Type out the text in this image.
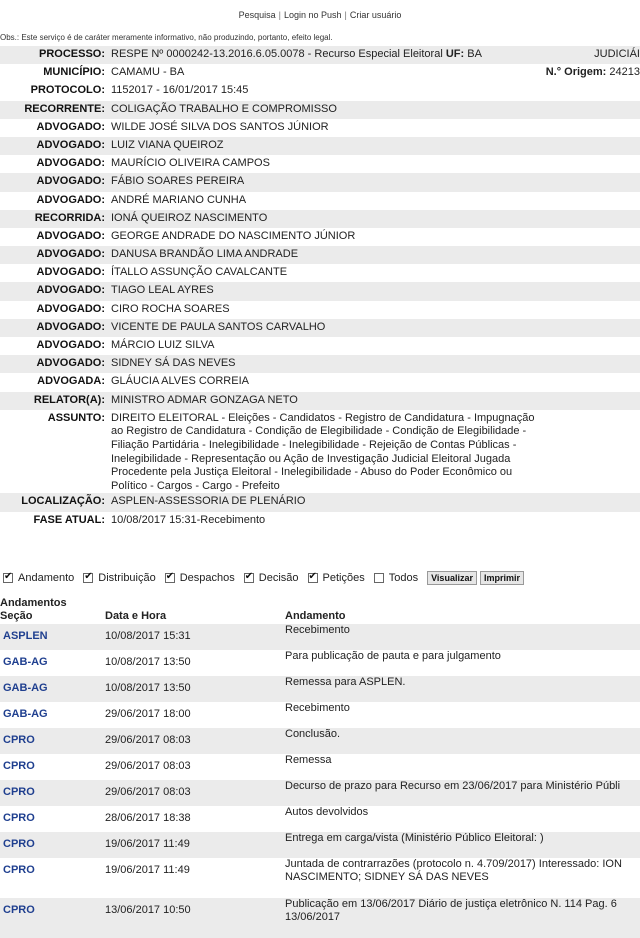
Pesquisa | Login no Push | Criar usuário
Obs.: Este serviço é de caráter meramente informativo, não produzindo, portanto, efeito legal.
PROCESSO: RESPE Nº 0000242-13.2016.6.05.0078 - Recurso Especial Eleitoral UF: BA	JUDICIÁI
MUNICÍPIO: CAMAMU - BA	N.° Origem: 24213
PROTOCOLO: 1152017 - 16/01/2017 15:45
RECORRENTE: COLIGAÇÃO TRABALHO E COMPROMISSO
ADVOGADO: WILDE JOSÉ SILVA DOS SANTOS JÚNIOR
ADVOGADO: LUIZ VIANA QUEIROZ
ADVOGADO: MAURÍCIO OLIVEIRA CAMPOS
ADVOGADO: FÁBIO SOARES PEREIRA
ADVOGADO: ANDRÉ MARIANO CUNHA
RECORRIDA: IONÁ QUEIROZ NASCIMENTO
ADVOGADO: GEORGE ANDRADE DO NASCIMENTO JÚNIOR
ADVOGADO: DANUSA BRANDÃO LIMA ANDRADE
ADVOGADO: ÍTALLO ASSUNÇÃO CAVALCANTE
ADVOGADO: TIAGO LEAL AYRES
ADVOGADO: CIRO ROCHA SOARES
ADVOGADO: VICENTE DE PAULA SANTOS CARVALHO
ADVOGADO: MÁRCIO LUIZ SILVA
ADVOGADO: SIDNEY SÁ DAS NEVES
ADVOGADA: GLÁUCIA ALVES CORREIA
RELATOR(A): MINISTRO ADMAR GONZAGA NETO
ASSUNTO: DIREITO ELEITORAL - Eleições - Candidatos - Registro de Candidatura - Impugnação ao Registro de Candidatura - Condição de Elegibilidade - Condição de Elegibilidade - Filiação Partidária - Inelegibilidade - Inelegibilidade - Rejeição de Contas Públicas - Inelegibilidade - Representação ou Ação de Investigação Judicial Eleitoral Jugada Procedente pela Justiça Eleitoral - Inelegibilidade - Abuso do Poder Econômico ou Político - Cargos - Cargo - Prefeito
LOCALIZAÇÃO: ASPLEN-ASSESSORIA DE PLENÁRIO
FASE ATUAL: 10/08/2017 15:31-Recebimento
✔
Andamento ✔ Distribuição ✔ Despachos ✔ Decisão ✔ Petições Todos	Visualizar	Imprimir
Andamentos
Seção	Data e Hora	Andamento
ASPLEN	10/08/2017 15:31	Recebimento
GAB-AG	10/08/2017 13:50	Para publicação de pauta e para julgamento
GAB-AG	10/08/2017 13:50	Remessa para ASPLEN.
GAB-AG	29/06/2017 18:00	Recebimento
CPRO	29/06/2017 08:03	Conclusão.
CPRO	29/06/2017 08:03	Remessa
CPRO	29/06/2017 08:03	Decurso de prazo para Recurso em 23/06/2017 para Ministério Públi
CPRO	28/06/2017 18:38	Autos devolvidos
CPRO	19/06/2017 11:49	Entrega em carga/vista (Ministério Público Eleitoral: )
CPRO	19/06/2017 11:49	Juntada de contrarrazões (protocolo n. 4.709/2017) Interessado: ION NASCIMENTO; SIDNEY SÁ DAS NEVES
CPRO	13/06/2017 10:50	Publicação em 13/06/2017 Diário de justiça eletrônico N. 114 Pag. 6 13/06/2017
